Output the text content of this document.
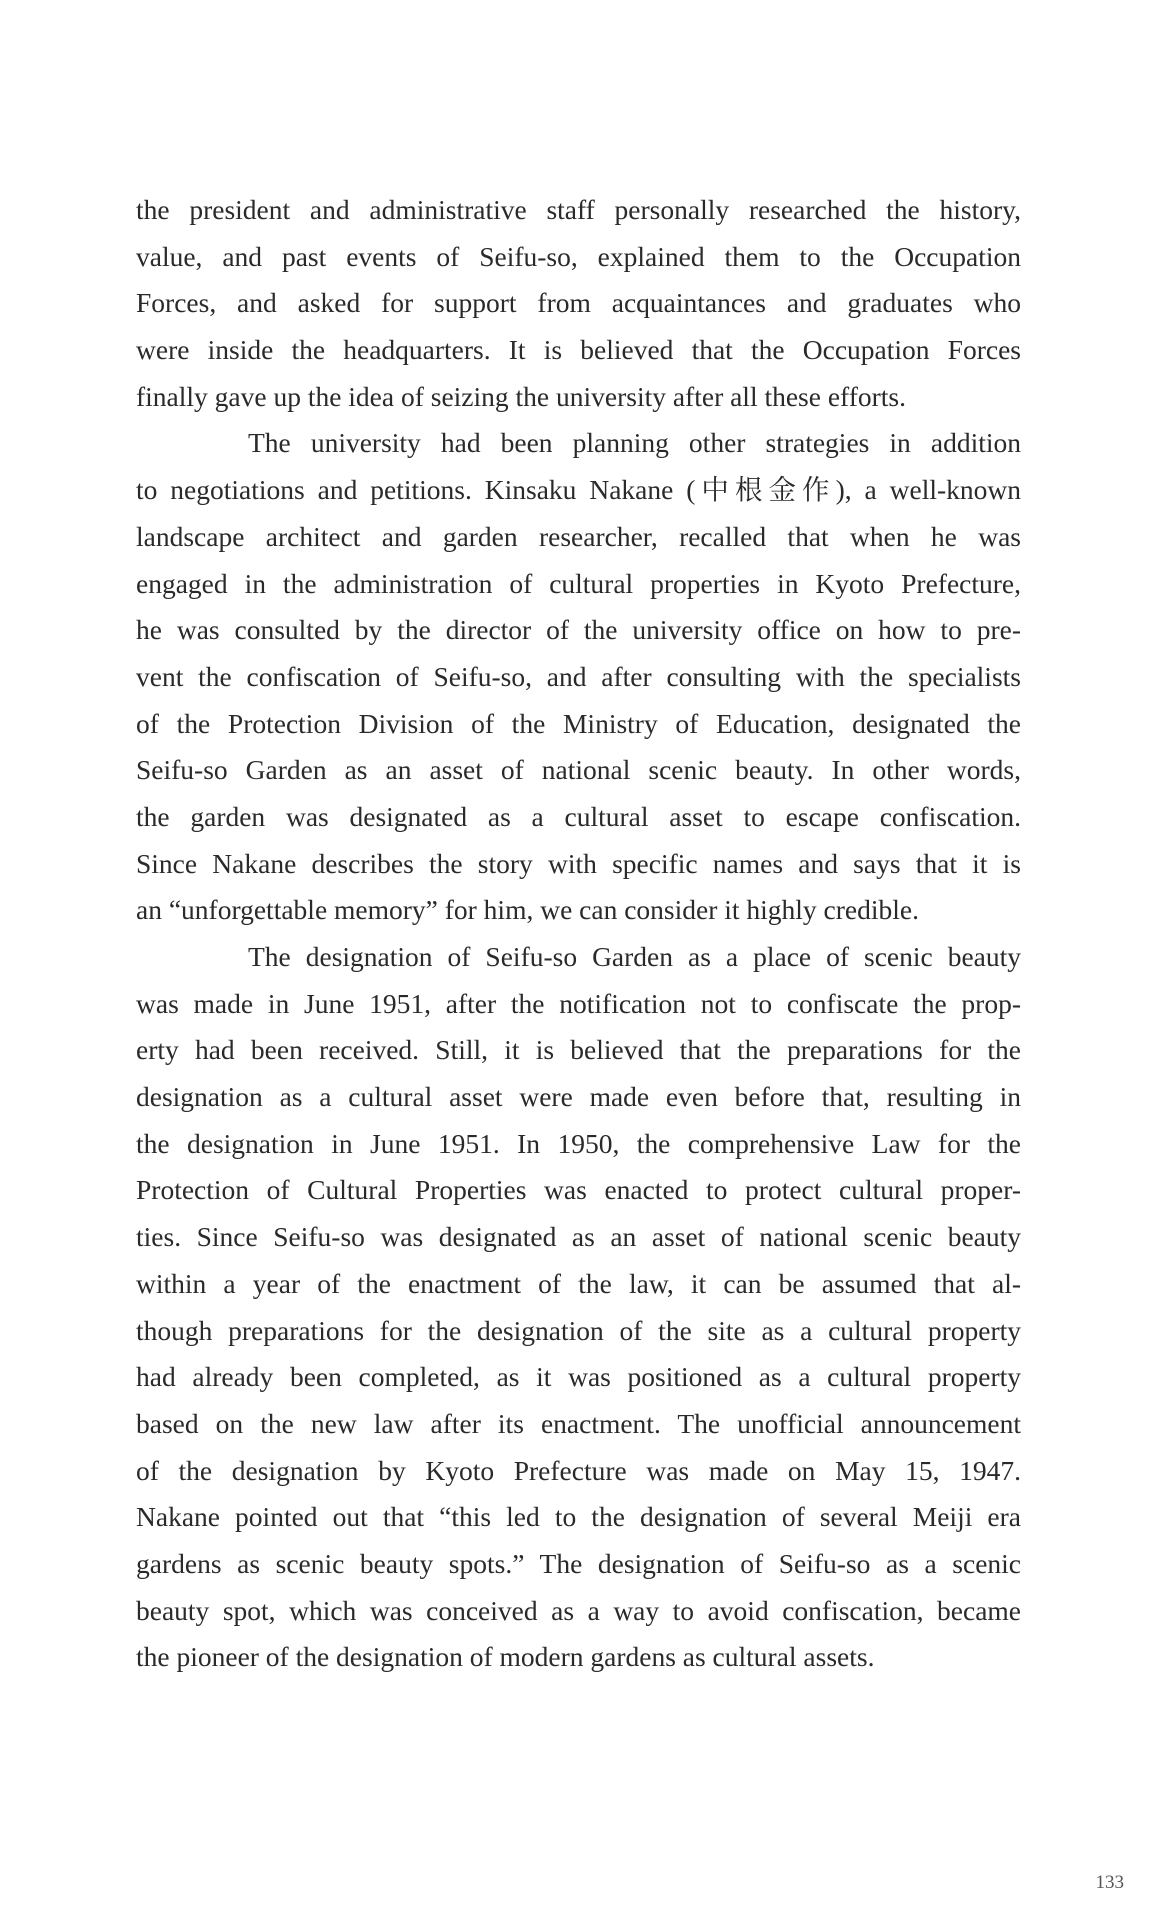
the president and administrative staff personally researched the history,
value, and past events of Seifu-so, explained them to the Occupation
Forces, and asked for support from acquaintances and graduates who
were inside the headquarters. It is believed that the Occupation Forces
finally gave up the idea of seizing the university after all these efforts.
The university had been planning other strategies in addition
to negotiations and petitions. Kinsaku Nakane (中根金作), a well-known
landscape architect and garden researcher, recalled that when he was
engaged in the administration of cultural properties in Kyoto Prefecture,
he was consulted by the director of the university office on how to pre-
vent the confiscation of Seifu-so, and after consulting with the specialists
of the Protection Division of the Ministry of Education, designated the
Seifu-so Garden as an asset of national scenic beauty. In other words,
the garden was designated as a cultural asset to escape confiscation.
Since Nakane describes the story with specific names and says that it is
an “unforgettable memory” for him, we can consider it highly credible.
The designation of Seifu-so Garden as a place of scenic beauty
was made in June 1951, after the notification not to confiscate the prop-
erty had been received. Still, it is believed that the preparations for the
designation as a cultural asset were made even before that, resulting in
the designation in June 1951. In 1950, the comprehensive Law for the
Protection of Cultural Properties was enacted to protect cultural proper-
ties. Since Seifu-so was designated as an asset of national scenic beauty
within a year of the enactment of the law, it can be assumed that al-
though preparations for the designation of the site as a cultural property
had already been completed, as it was positioned as a cultural property
based on the new law after its enactment. The unofficial announcement
of the designation by Kyoto Prefecture was made on May 15, 1947.
Nakane pointed out that “this led to the designation of several Meiji era
gardens as scenic beauty spots.” The designation of Seifu-so as a scenic
beauty spot, which was conceived as a way to avoid confiscation, became
the pioneer of the designation of modern gardens as cultural assets.
133
